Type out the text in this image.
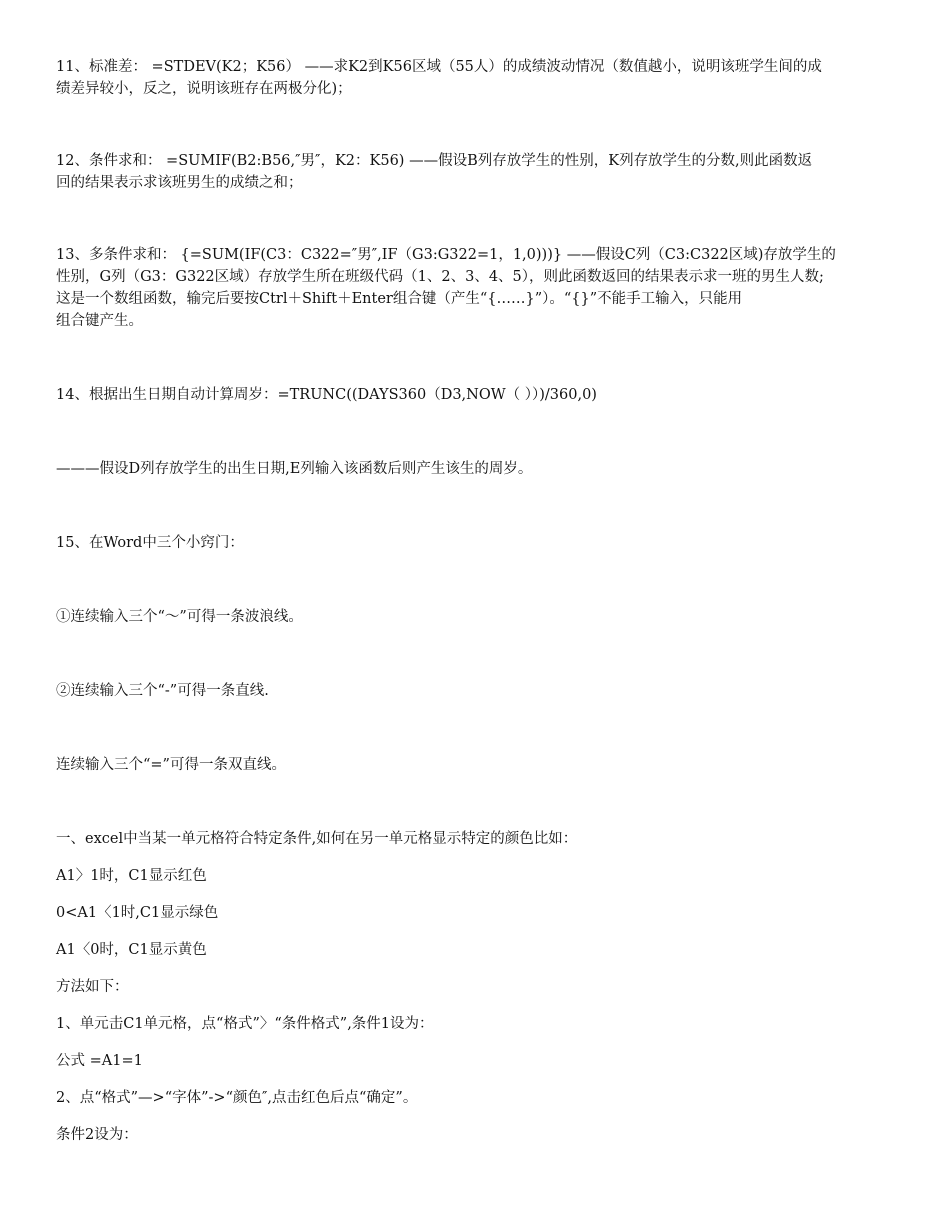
11、标准差： =STDEV(K2；K56） ——求K2到K56区域（55人）的成绩波动情况（数值越小，说明该班学生间的成
绩差异较小，反之，说明该班存在两极分化)；

12、条件求和： =SUMIF(B2:B56,″男″，K2：K56) ——假设B列存放学生的性别，K列存放学生的分数,则此函数返
回的结果表示求该班男生的成绩之和；

13、多条件求和： {=SUM(IF(C3：C322=″男″,IF（G3:G322=1，1,0)))} ——假设C列（C3:C322区域)存放学生的
性别，G列（G3：G322区域）存放学生所在班级代码（1、2、3、4、5），则此函数返回的结果表示求一班的男生人数;
这是一个数组函数，输完后要按Ctrl＋Shift＋Enter组合键（产生“{……}”）。“{}”不能手工输入，只能用
组合键产生。

14、根据出生日期自动计算周岁：=TRUNC((DAYS360（D3,NOW（ ））)/360,0)

———假设D列存放学生的出生日期,E列输入该函数后则产生该生的周岁。

15、在Word中三个小窍门：

①连续输入三个“～”可得一条波浪线。

②连续输入三个“-”可得一条直线.

连续输入三个“=”可得一条双直线。

一、excel中当某一单元格符合特定条件,如何在另一单元格显示特定的颜色比如：

A1〉1时，C1显示红色

0<A1〈1时,C1显示绿色

A1〈0时，C1显示黄色

方法如下：

1、单元击C1单元格，点“格式”〉“条件格式”,条件1设为：

公式 =A1=1

2、点“格式”—>“字体”->“颜色″,点击红色后点“确定”。

条件2设为：
